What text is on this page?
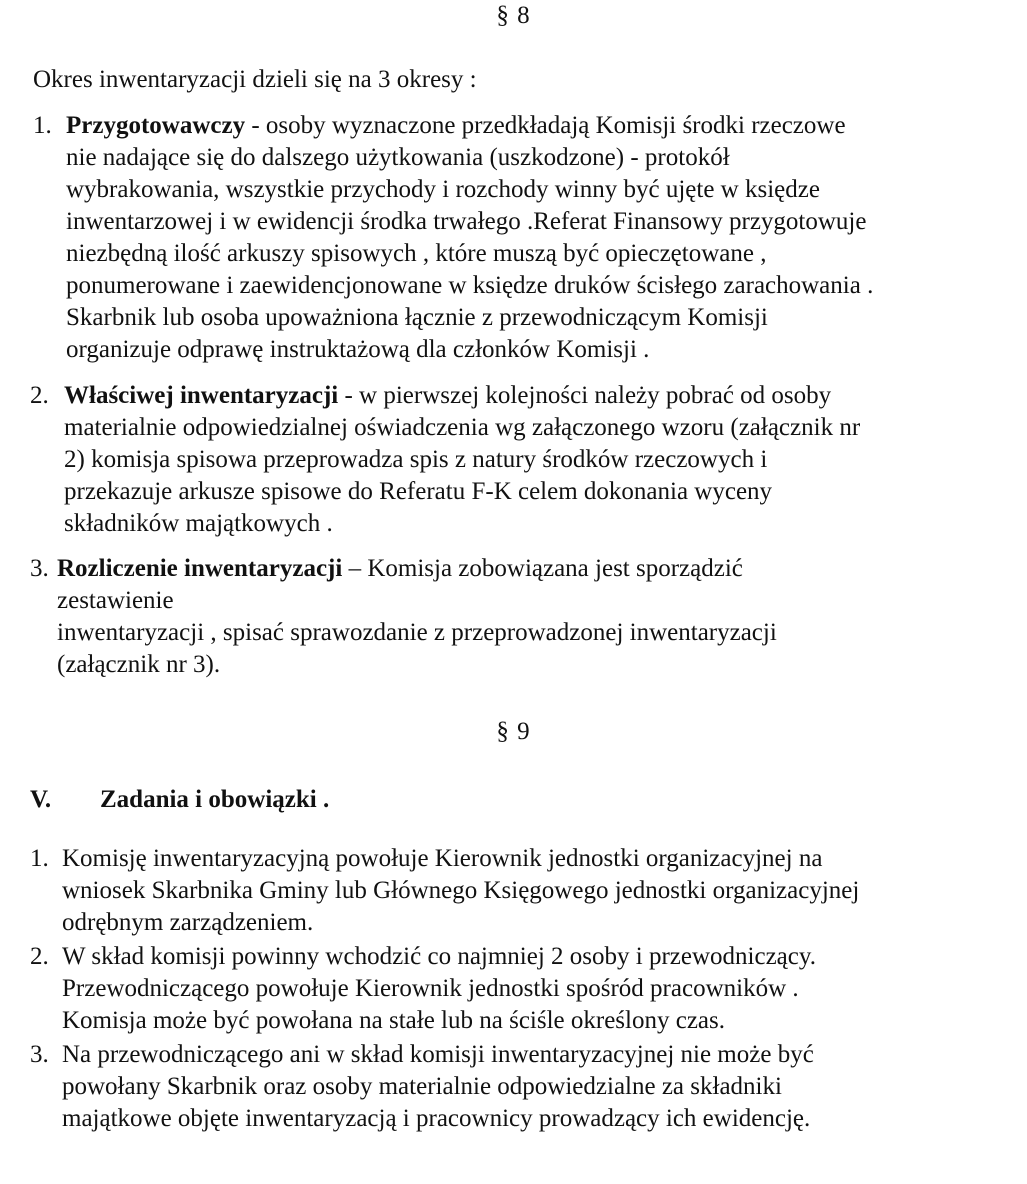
§ 8
Okres inwentaryzacji dzieli się na 3 okresy :
1. Przygotowawczy - osoby wyznaczone przedkładają Komisji środki rzeczowe
nie nadające się do dalszego użytkowania (uszkodzone) - protokół
wybrakowania, wszystkie przychody i rozchody winny być ujęte w księdze
inwentarzowej i w ewidencji środka trwałego .Referat Finansowy przygotowuje
niezbędną ilość arkuszy spisowych , które muszą być opieczętowane ,
ponumerowane i zaewidencjonowane w księdze druków ścisłego zarachowania .
Skarbnik lub osoba upoważniona łącznie z przewodniczącym Komisji
organizuje odprawę instruktażową dla członków Komisji .
2. Właściwej inwentaryzacji - w pierwszej kolejności należy pobrać od osoby
materialnie odpowiedzialnej oświadczenia wg załączonego wzoru (załącznik nr
2) komisja spisowa przeprowadza spis z natury środków rzeczowych i
przekazuje arkusze spisowe do Referatu F-K celem dokonania wyceny
składników majątkowych .
3. Rozliczenie inwentaryzacji – Komisja zobowiązana jest sporządzić
zestawienie
inwentaryzacji , spisać sprawozdanie z przeprowadzonej inwentaryzacji
(załącznik nr 3).
§ 9
V. Zadania i obowiązki .
1. Komisję inwentaryzacyjną powołuje Kierownik jednostki organizacyjnej na
wniosek Skarbnika Gminy lub Głównego Księgowego jednostki organizacyjnej
odrębnym zarządzeniem.
2. W skład komisji powinny wchodzić co najmniej 2 osoby i przewodniczący.
Przewodniczącego powołuje Kierownik jednostki spośród pracowników .
Komisja może być powołana na stałe lub na ściśle określony czas.
3. Na przewodniczącego ani w skład komisji inwentaryzacyjnej nie może być
powołany Skarbnik oraz osoby materialnie odpowiedzialne za składniki
majątkowe objęte inwentaryzacją i pracownicy prowadzący ich ewidencję.
